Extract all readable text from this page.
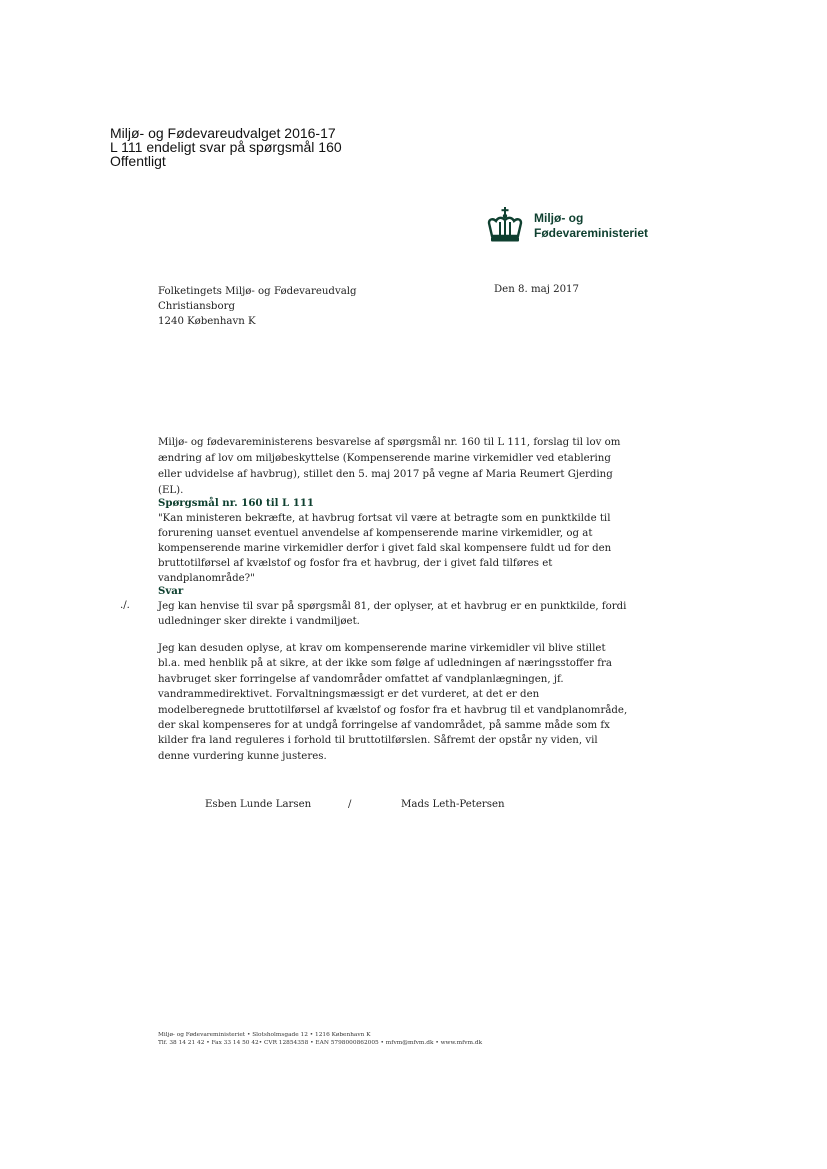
Miljø- og Fødevareudvalget 2016-17
L 111 endeligt svar på spørgsmål 160
Offentligt
Miljø- og
Fødevareministeriet
Folketingets Miljø- og Fødevareudvalg
Christiansborg
1240 København K
Den 8. maj 2017
Miljø- og fødevareministerens besvarelse af spørgsmål nr. 160 til L 111, forslag til lov om ændring af lov om miljøbeskyttelse (Kompenserende marine virkemidler ved etablering eller udvidelse af havbrug), stillet den 5. maj 2017 på vegne af Maria Reumert Gjerding (EL).
Spørgsmål nr. 160 til L 111
"Kan ministeren bekræfte, at havbrug fortsat vil være at betragte som en punktkilde til forurening uanset eventuel anvendelse af kompenserende marine virkemidler, og at kompenserende marine virkemidler derfor i givet fald skal kompensere fuldt ud for den bruttotilførsel af kvælstof og fosfor fra et havbrug, der i givet fald tilføres et vandplanområde?"
Svar
./.	Jeg kan henvise til svar på spørgsmål 81, der oplyser, at et havbrug er en punktkilde, fordi udledninger sker direkte i vandmiljøet.
Jeg kan desuden oplyse, at krav om kompenserende marine virkemidler vil blive stillet bl.a. med henblik på at sikre, at der ikke som følge af udledningen af næringsstoffer fra havbruget sker forringelse af vandområder omfattet af vandplanlægningen, jf. vandrammedirektivet. Forvaltningsmæssigt er det vurderet, at det er den modelberegnede bruttotilførsel af kvælstof og fosfor fra et havbrug til et vandplanområde, der skal kompenseres for at undgå forringelse af vandområdet, på samme måde som fx kilder fra land reguleres i forhold til bruttotilførslen. Såfremt der opstår ny viden, vil denne vurdering kunne justeres.
Esben Lunde Larsen	/	Mads Leth-Petersen
Miljø- og Fødevareministeriet • Slotsholmsgade 12 • 1216 København K
Tlf. 38 14 21 42 • Fax 33 14 50 42• CVR 12854358 • EAN 5798000862005 • mfvm@mfvm.dk • www.mfvm.dk
